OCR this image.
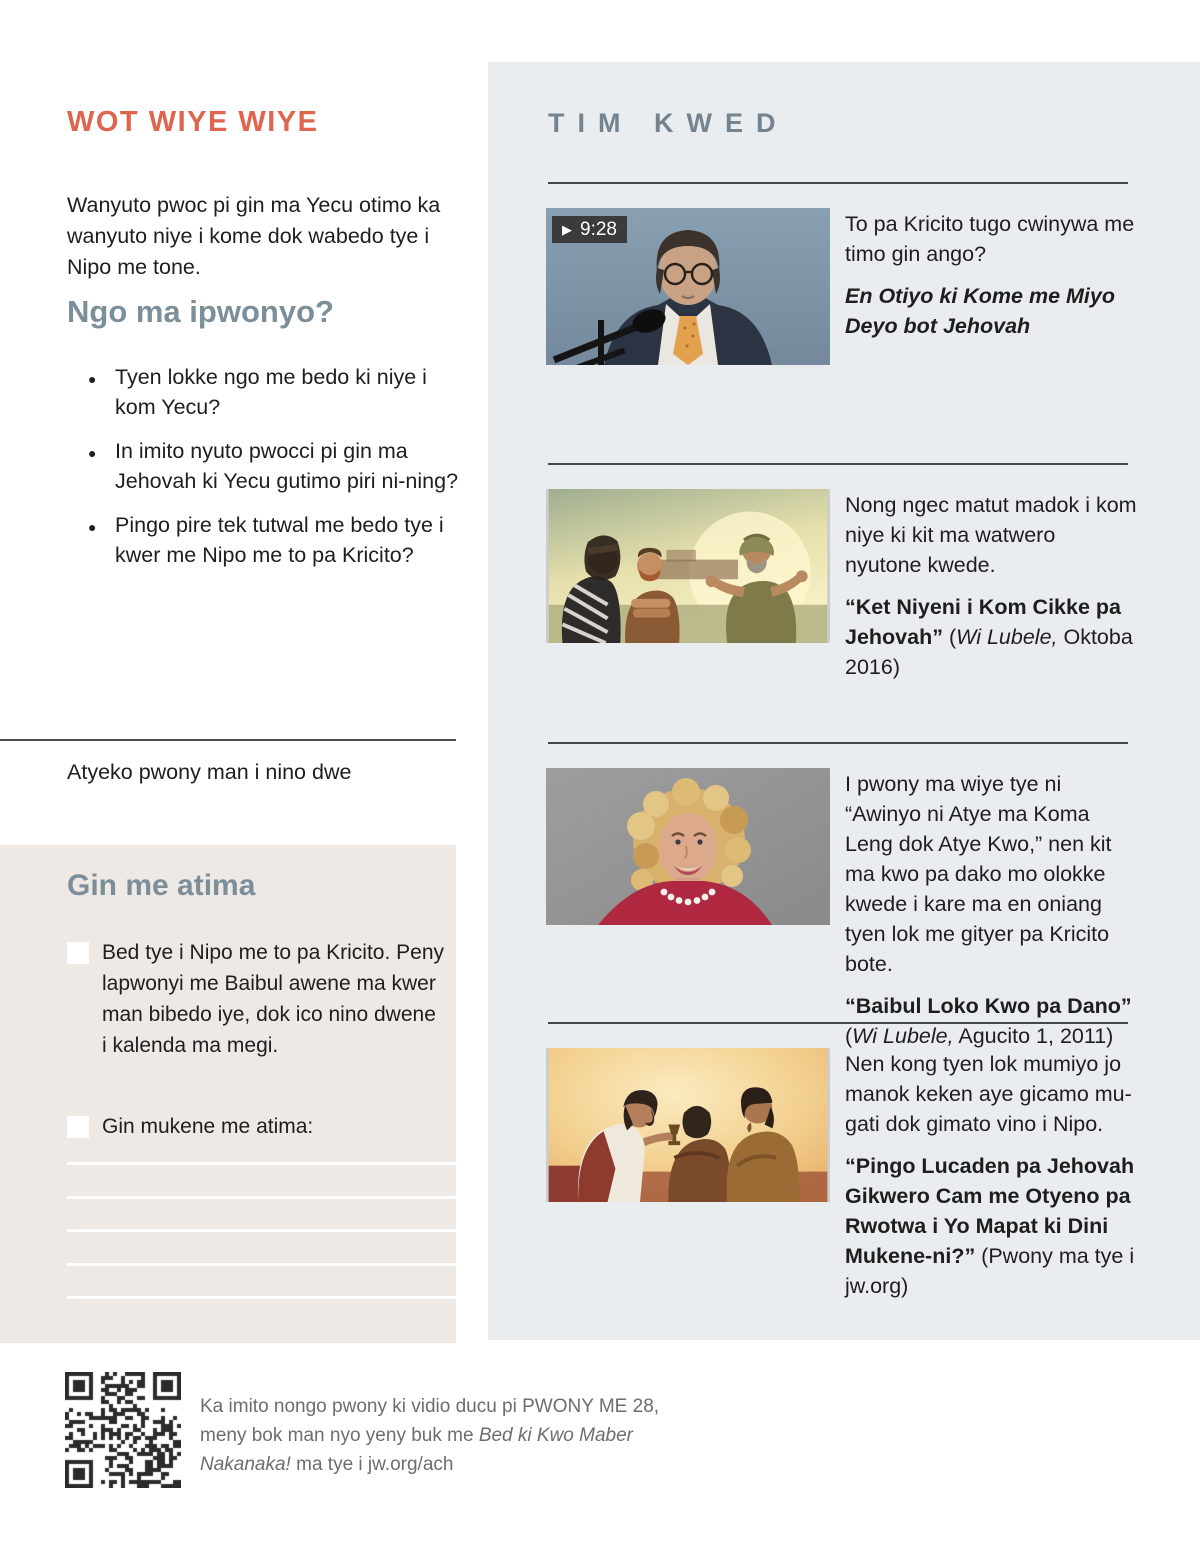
WOT WIYE WIYE

Wanyuto pwoc pi gin ma Yecu otimo ka wanyuto niye i kome dok wabedo tye i Nipo me tone.

Ngo ma ipwonyo?
● Tyen lokke ngo me bedo ki niye i kom Yecu?
● In imito nyuto pwocci pi gin ma Jehovah ki Yecu gutimo piri ni-ning?
● Pingo pire tek tutwal me bedo tye i kwer me Nipo me to pa Kricito?
Atyeko pwony man i nino dwe
Gin me atima
Bed tye i Nipo me to pa Kricito. Peny lapwonyi me Baibul awene ma kwer man bibedo iye, dok ico nino dwene i kalenda ma megi.
Gin mukene me atima:
TIM KWED
▶ 9:28	To pa Kricito tugo cwinywa me timo gin ango?

En Otiyo ki Kome me Miyo Deyo bot Jehovah

Nong ngec matut madok i kom niye ki kit ma watwero nyutone kwede.

“Ket Niyeni i Kom Cikke pa Jehovah” (Wi Lubele, Oktoba 2016)

I pwony ma wiye tye ni “Awinyo ni Atye ma Koma Leng dok Atye Kwo,” nen kit ma kwo pa dako mo olokke kwede i kare ma en oniang tyen lok me gityer pa Kricito bote.

“Baibul Loko Kwo pa Dano” (Wi Lubele, Agucito 1, 2011)

Nen kong tyen lok mumiyo jo manok keken aye gicamo mu-gati dok gimato vino i Nipo.

“Pingo Lucaden pa Jehovah Gikwero Cam me Otyeno pa Rwotwa i Yo Mapat ki Dini Mukene-ni?” (Pwony ma tye i jw.org)

Ka imito nongo pwony ki vidio ducu pi PWONY ME 28, meny bok man nyo yeny buk me Bed ki Kwo Maber Nakanaka! ma tye i jw.org/ach
